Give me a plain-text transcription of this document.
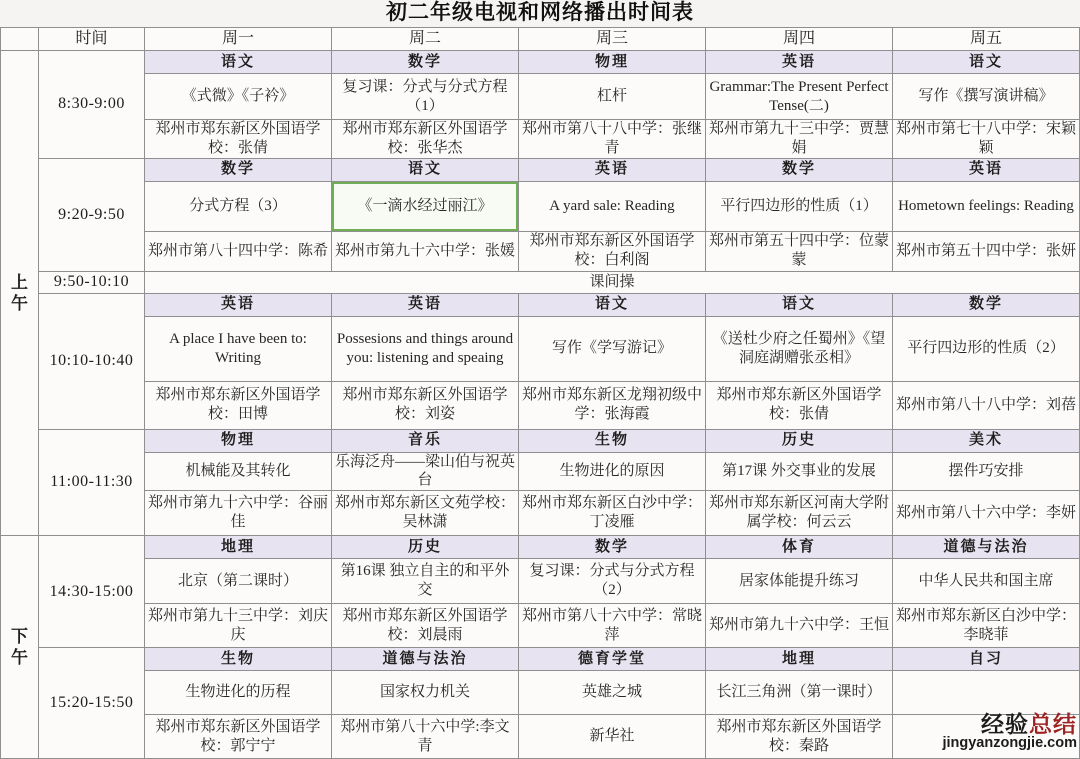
初二年级电视和网络播出时间表
	时间	周一	周二	周三	周四	周五

上
午	8:30-9:00	语文	数学	物理	英语	语文
		《式微》《子衿》	复习课：分式与分式方程（1）	杠杆	Grammar:The Present Perfect Tense(二)	写作《撰写演讲稿》
		郑州市郑东新区外国语学校：张倩	郑州市郑东新区外国语学校：张华杰	郑州市第八十八中学：张继青	郑州市第九十三中学：贾慧娟	郑州市第七十八中学：宋颖颖
	9:20-9:50	数学	语文	英语	数学	英语
		分式方程（3）	《一滴水经过丽江》	A yard sale: Reading	平行四边形的性质（1）	Hometown feelings: Reading
		郑州市第八十四中学：陈希	郑州市第九十六中学：张媛	郑州市郑东新区外国语学校：白利阁	郑州市第五十四中学：位蒙蒙	郑州市第五十四中学：张妍
	9:50-10:10	课间操				
	10:10-10:40	英语	英语	语文	语文	数学
		A place I have been to: Writing	Possesions and things around you: listening and speaing	写作《学写游记》	《送杜少府之任蜀州》《望洞庭湖赠张丞相》	平行四边形的性质（2）
		郑州市郑东新区外国语学校：田博	郑州市郑东新区外国语学校：刘姿	郑州市郑东新区龙翔初级中学：张海霞	郑州市郑东新区外国语学校：张倩	郑州市第八十八中学：刘蓓
	11:00-11:30	物理	音乐	生物	历史	美术
		机械能及其转化	乐海泛舟——梁山伯与祝英台	生物进化的原因	第17课 外交事业的发展	摆件巧安排
		郑州市第九十六中学：谷丽佳	郑州市郑东新区文苑学校：吴林潇	郑州市郑东新区白沙中学：丁凌雁	郑州市郑东新区河南大学附属学校：何云云	郑州市第八十六中学：李妍

下
午	14:30-15:00	地理	历史	数学	体育	道德与法治
		北京（第二课时）	第16课 独立自主的和平外交	复习课：分式与分式方程（2）	居家体能提升练习	中华人民共和国主席
		郑州市第九十三中学：刘庆庆	郑州市郑东新区外国语学校：刘晨雨	郑州市第八十六中学：常晓萍	郑州市第九十六中学：王恒	郑州市郑东新区白沙中学：李晓菲
	15:20-15:50	生物	道德与法治	德育学堂	地理	自习
		生物进化的历程	国家权力机关	英雄之城	长江三角洲（第一课时）	
		郑州市郑东新区外国语学校：郭宁宁	郑州市第八十六中学:李文青	新华社	郑州市郑东新区外国语学校：秦路	
经验总结
jingyanzongjie.com
